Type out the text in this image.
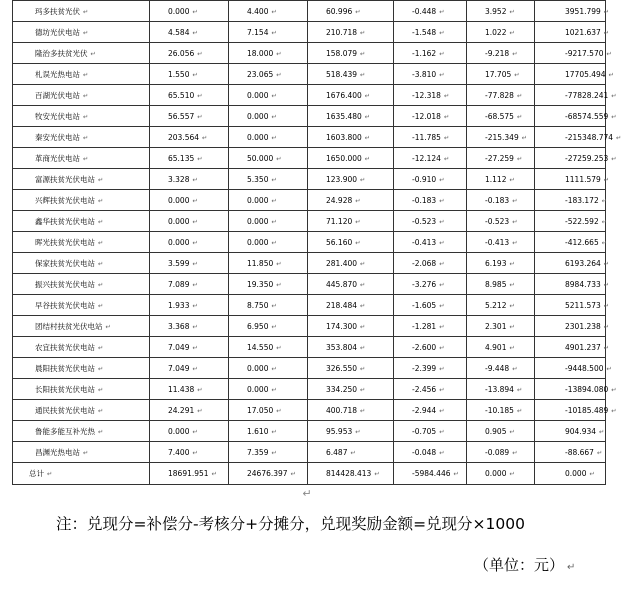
玛多扶贫光伏 ↵	0.000 ↵	4.400 ↵	60.996 ↵	-0.448 ↵	3.952 ↵	3951.799 ↵
德坊光伏电站 ↵	4.584 ↵	7.154 ↵	210.718 ↵	-1.548 ↵	1.022 ↵	1021.637 ↵
隆治多扶贫光伏 ↵	26.056 ↵	18.000 ↵	158.079 ↵	-1.162 ↵	-9.218 ↵	-9217.570 ↵
札误光热电站 ↵	1.550 ↵	23.065 ↵	518.439 ↵	-3.810 ↵	17.705 ↵	17705.494 ↵
百湖光伏电站 ↵	65.510 ↵	0.000 ↵	1676.400 ↵	-12.318 ↵	-77.828 ↵	-77828.241 ↵
牧安光伏电站 ↵	56.557 ↵	0.000 ↵	1635.480 ↵	-12.018 ↵	-68.575 ↵	-68574.559 ↵
秦安光伏电站 ↵	203.564 ↵	0.000 ↵	1603.800 ↵	-11.785 ↵	-215.349 ↵	-215348.774 ↵
革商光伏电站 ↵	65.135 ↵	50.000 ↵	1650.000 ↵	-12.124 ↵	-27.259 ↵	-27259.253 ↵
富源扶贫光伏电站 ↵	3.328 ↵	5.350 ↵	123.900 ↵	-0.910 ↵	1.112 ↵	1111.579 ↵
兴辉扶贫光伏电站 ↵	0.000 ↵	0.000 ↵	24.928 ↵	-0.183 ↵	-0.183 ↵	-183.172 ↵
鑫华扶贫光伏电站 ↵	0.000 ↵	0.000 ↵	71.120 ↵	-0.523 ↵	-0.523 ↵	-522.592 ↵
晖光扶贫光伏电站 ↵	0.000 ↵	0.000 ↵	56.160 ↵	-0.413 ↵	-0.413 ↵	-412.665 ↵
保家扶贫光伏电站 ↵	3.599 ↵	11.850 ↵	281.400 ↵	-2.068 ↵	6.193 ↵	6193.264 ↵
振兴扶贫光伏电站 ↵	7.089 ↵	19.350 ↵	445.870 ↵	-3.276 ↵	8.985 ↵	8984.733 ↵
早谷扶贫光伏电站 ↵	1.933 ↵	8.750 ↵	218.484 ↵	-1.605 ↵	5.212 ↵	5211.573 ↵
团结村扶贫光伏电站 ↵	3.368 ↵	6.950 ↵	174.300 ↵	-1.281 ↵	2.301 ↵	2301.238 ↵
农宜扶贫光伏电站 ↵	7.049 ↵	14.550 ↵	353.804 ↵	-2.600 ↵	4.901 ↵	4901.237 ↵
晨阳扶贫光伏电站 ↵	7.049 ↵	0.000 ↵	326.550 ↵	-2.399 ↵	-9.448 ↵	-9448.500 ↵
长阳扶贫光伏电站 ↵	11.438 ↵	0.000 ↵	334.250 ↵	-2.456 ↵	-13.894 ↵	-13894.080 ↵
通民扶贫光伏电站 ↵	24.291 ↵	17.050 ↵	400.718 ↵	-2.944 ↵	-10.185 ↵	-10185.489 ↵
鲁能多能互补光热 ↵	0.000 ↵	1.610 ↵	95.953 ↵	-0.705 ↵	0.905 ↵	904.934 ↵
昌渊光热电站 ↵	7.400 ↵	7.359 ↵	6.487 ↵	-0.048 ↵	-0.089 ↵	-88.667 ↵
总计 ↵	18691.951 ↵	24676.397 ↵	814428.413 ↵	-5984.446 ↵	0.000 ↵	0.000 ↵
↵
注：兑现分=补偿分-考核分+分摊分，兑现奖励金额=兑现分×1000
（单位：元） ↵
